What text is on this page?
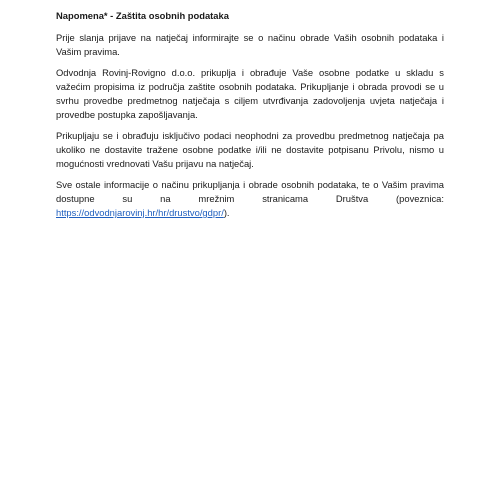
Napomena* - Zaštita osobnih podataka

Prije slanja prijave na natječaj informirajte se o načinu obrade Vaših osobnih podataka i Vašim pravima.

Odvodnja Rovinj-Rovigno d.o.o. prikuplja i obrađuje Vaše osobne podatke u skladu s važećim propisima iz područja zaštite osobnih podataka. Prikupljanje i obrada provodi se u svrhu provedbe predmetnog natječaja s ciljem utvrđivanja zadovoljenja uvjeta natječaja i provedbe postupka zapošljavanja.

Prikupljaju se i obrađuju isključivo podaci neophodni za provedbu predmetnog natječaja pa ukoliko ne dostavite tražene osobne podatke i/ili ne dostavite potpisanu Privolu, nismo u mogućnosti vrednovati Vašu prijavu na natječaj.

Sve ostale informacije o načinu prikupljanja i obrade osobnih podataka, te o Vašim pravima dostupne su na mrežnim stranicama Društva (poveznica: https://odvodnjarovinj.hr/hr/drustvo/gdpr/).
